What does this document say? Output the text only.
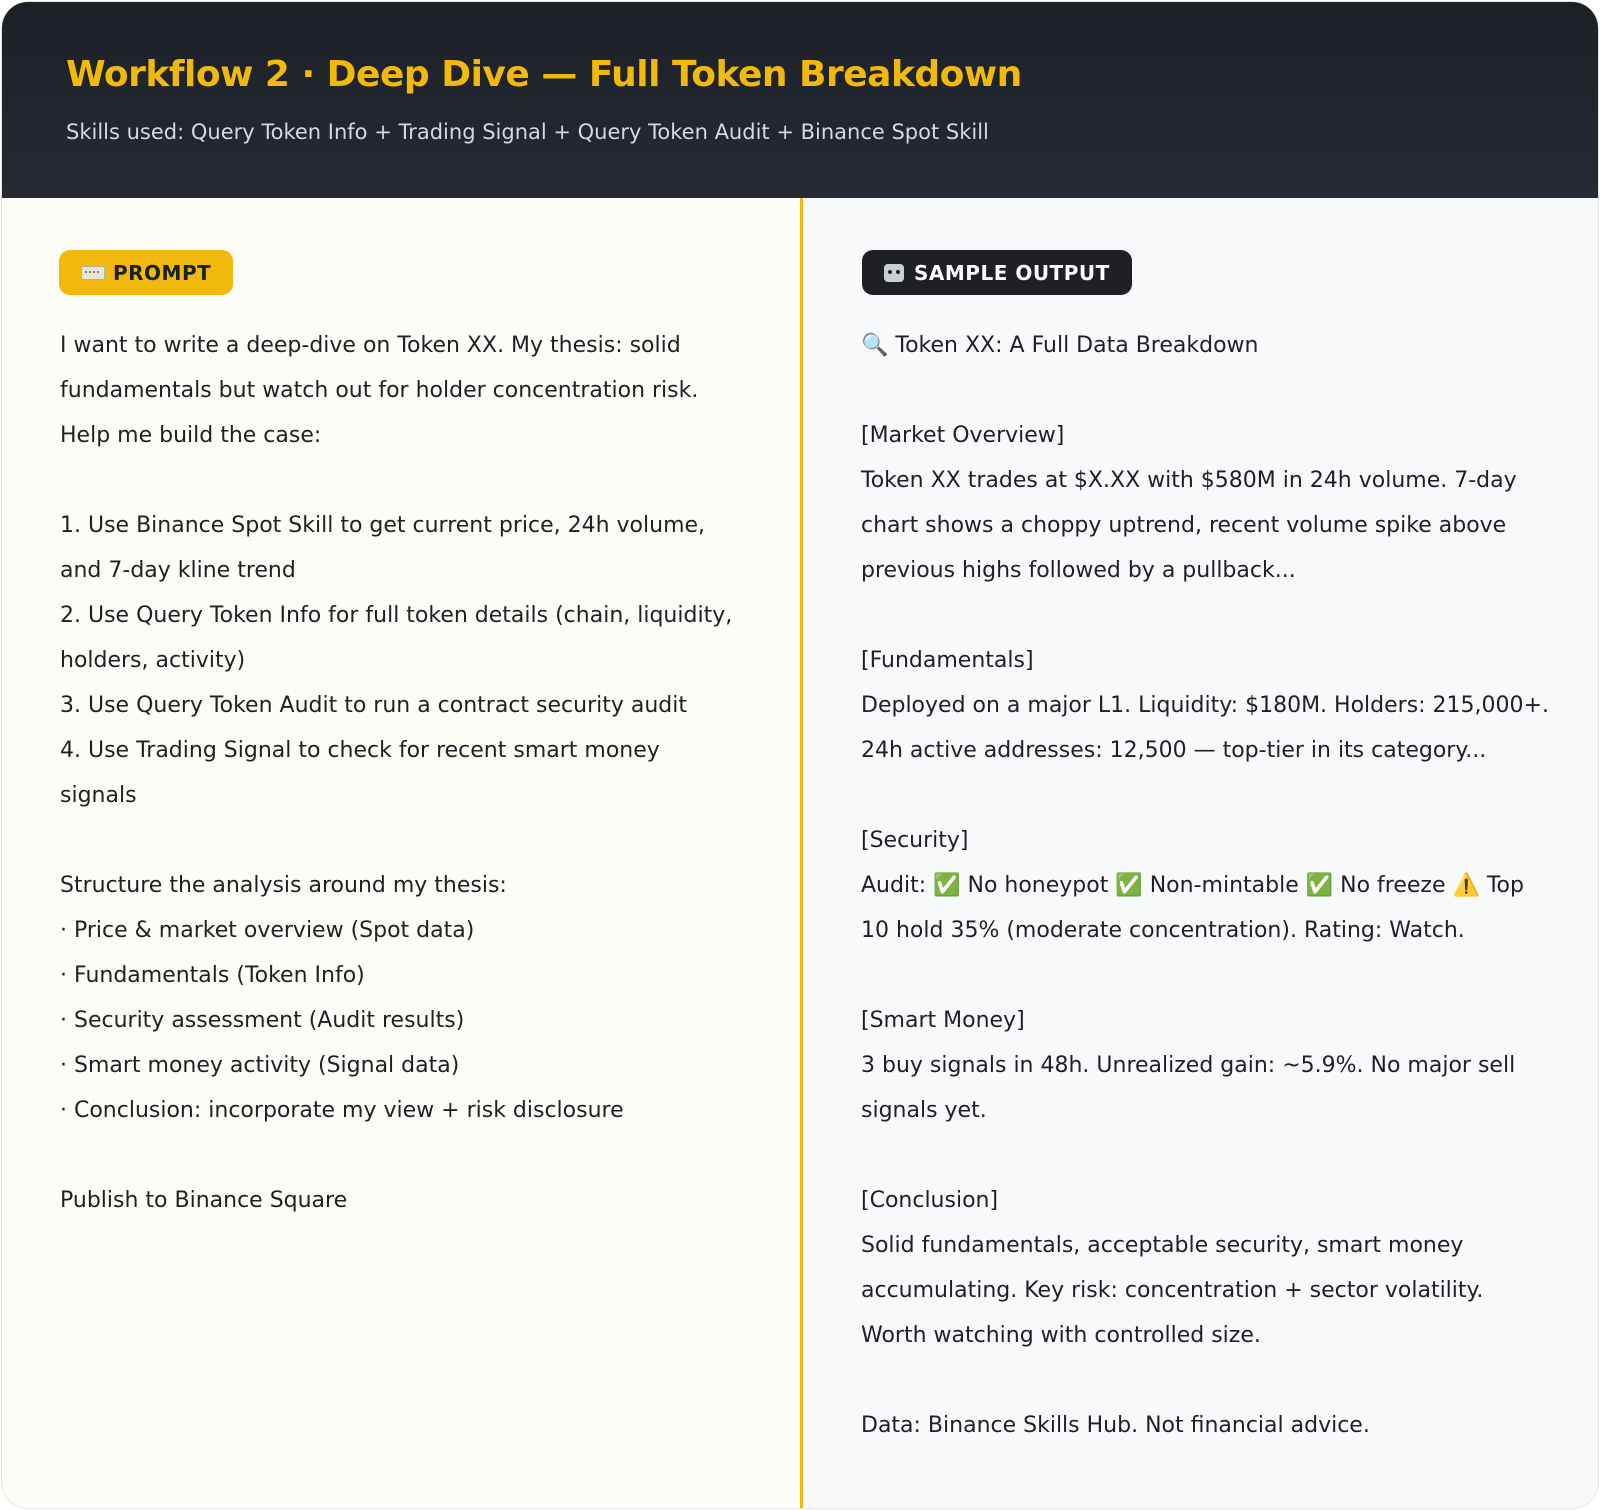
Workflow 2 · Deep Dive — Full Token Breakdown

Skills used: Query Token Info + Trading Signal + Query Token Audit + Binance Spot Skill

PROMPT
I want to write a deep-dive on Token XX. My thesis: solid
fundamentals but watch out for holder concentration risk.
Help me build the case:
1. Use Binance Spot Skill to get current price, 24h volume,
and 7-day kline trend
2. Use Query Token Info for full token details (chain, liquidity,
holders, activity)
3. Use Query Token Audit to run a contract security audit
4. Use Trading Signal to check for recent smart money
signals
Structure the analysis around my thesis:
· Price & market overview (Spot data)
· Fundamentals (Token Info)
· Security assessment (Audit results)
· Smart money activity (Signal data)
· Conclusion: incorporate my view + risk disclosure
Publish to Binance Square
SAMPLE OUTPUT
🔍 Token XX: A Full Data Breakdown
[Market Overview]
Token XX trades at $X.XX with $580M in 24h volume. 7-day
chart shows a choppy uptrend, recent volume spike above
previous highs followed by a pullback...
[Fundamentals]
Deployed on a major L1. Liquidity: $180M. Holders: 215,000+.
24h active addresses: 12,500 — top-tier in its category...
[Security]
Audit: ✅ No honeypot ✅ Non-mintable ✅ No freeze ⚠️ Top
10 hold 35% (moderate concentration). Rating: Watch.
[Smart Money]
3 buy signals in 48h. Unrealized gain: ~5.9%. No major sell
signals yet.
[Conclusion]
Solid fundamentals, acceptable security, smart money
accumulating. Key risk: concentration + sector volatility.
Worth watching with controlled size.
Data: Binance Skills Hub. Not financial advice.
